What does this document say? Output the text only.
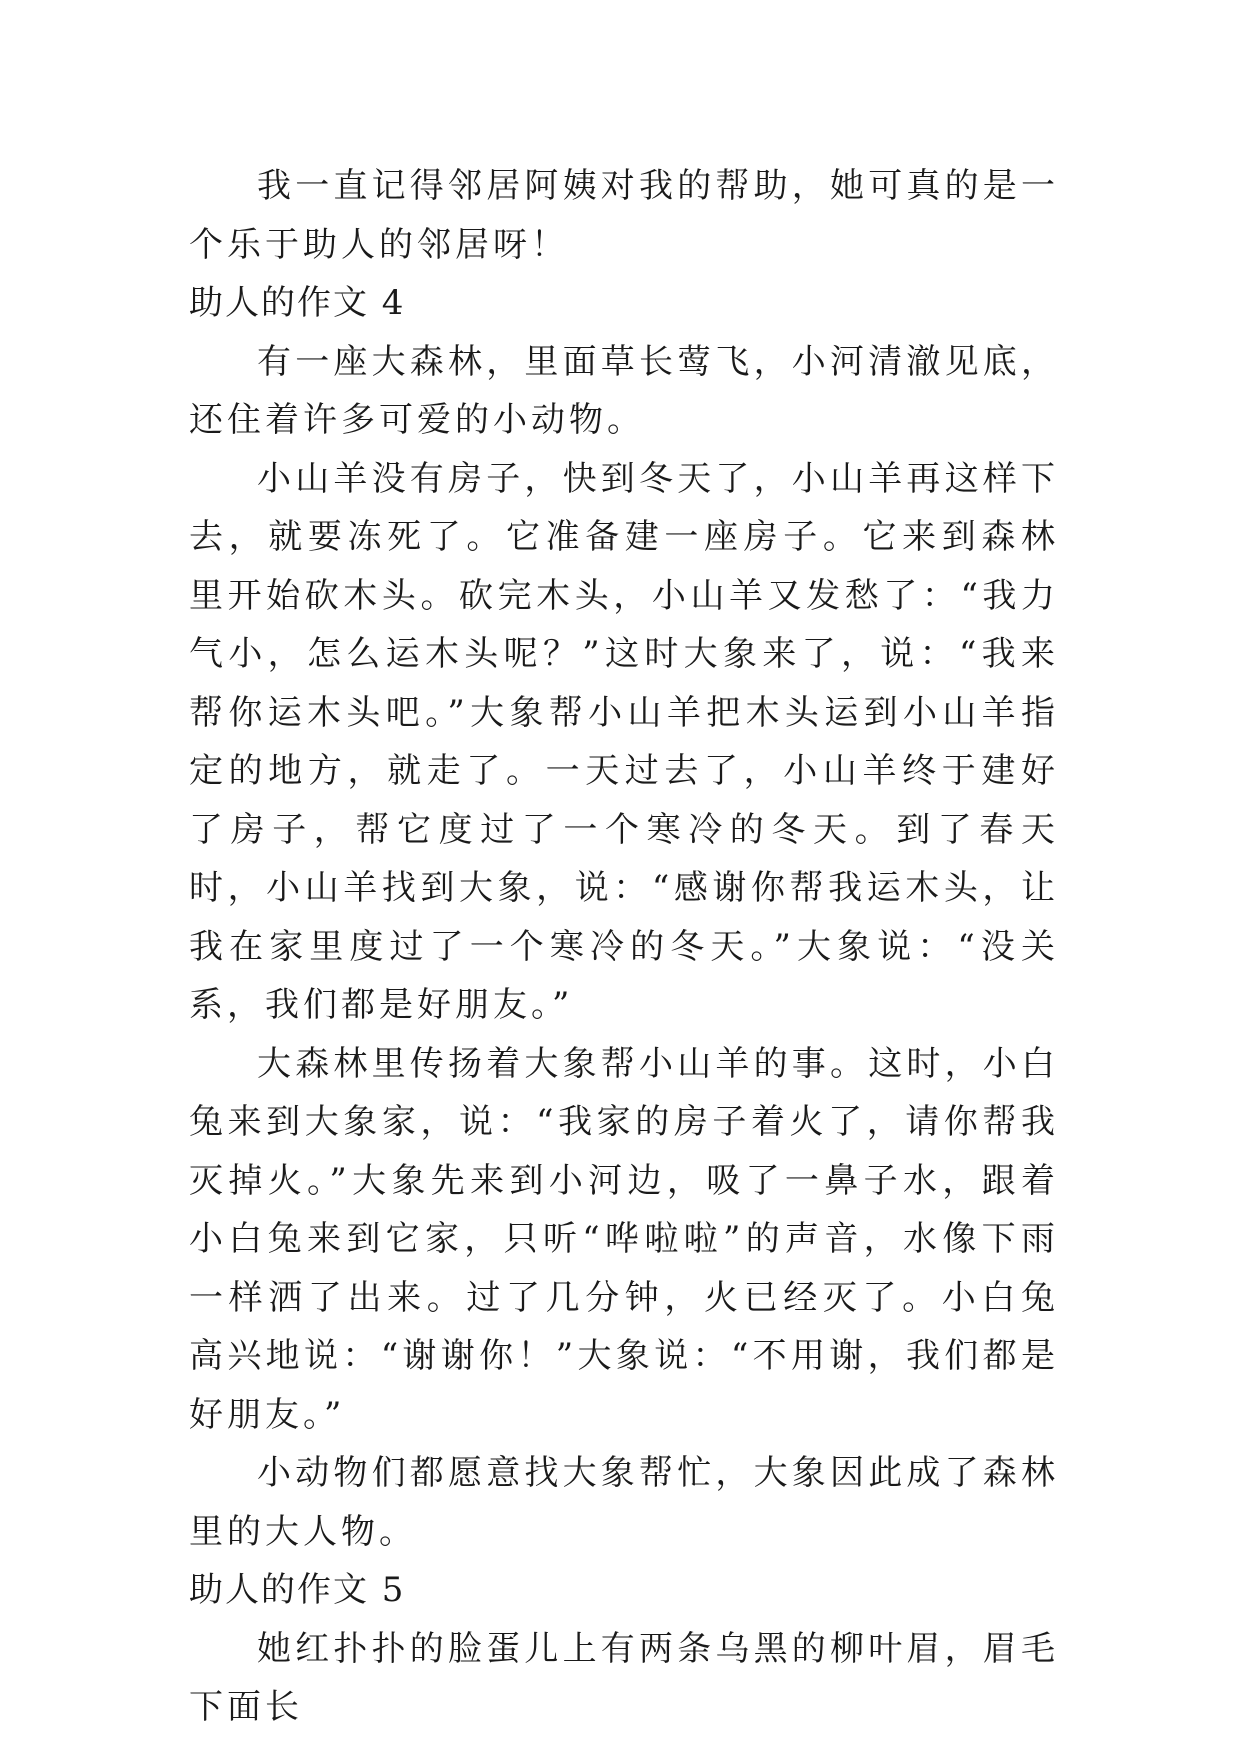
我一直记得邻居阿姨对我的帮助，她可真的是一个乐于助人的邻居呀！

助人的作文 4

有一座大森林，里面草长莺飞，小河清澈见底，还住着许多可爱的小动物。

小山羊没有房子，快到冬天了，小山羊再这样下去，就要冻死了。它准备建一座房子。它来到森林里开始砍木头。砍完木头，小山羊又发愁了：“我力气小，怎么运木头呢？”这时大象来了，说：“我来帮你运木头吧。”大象帮小山羊把木头运到小山羊指定的地方，就走了。一天过去了，小山羊终于建好了房子，帮它度过了一个寒冷的冬天。到了春天时，小山羊找到大象，说：“感谢你帮我运木头，让我在家里度过了一个寒冷的冬天。”大象说：“没关系，我们都是好朋友。”

大森林里传扬着大象帮小山羊的事。这时，小白兔来到大象家，说：“我家的房子着火了，请你帮我灭掉火。”大象先来到小河边，吸了一鼻子水，跟着小白兔来到它家，只听“哗啦啦”的声音，水像下雨一样洒了出来。过了几分钟，火已经灭了。小白兔高兴地说：“谢谢你！”大象说：“不用谢，我们都是好朋友。”

小动物们都愿意找大象帮忙，大象因此成了森林里的大人物。

助人的作文 5

她红扑扑的脸蛋儿上有两条乌黑的柳叶眉，眉毛下面长
